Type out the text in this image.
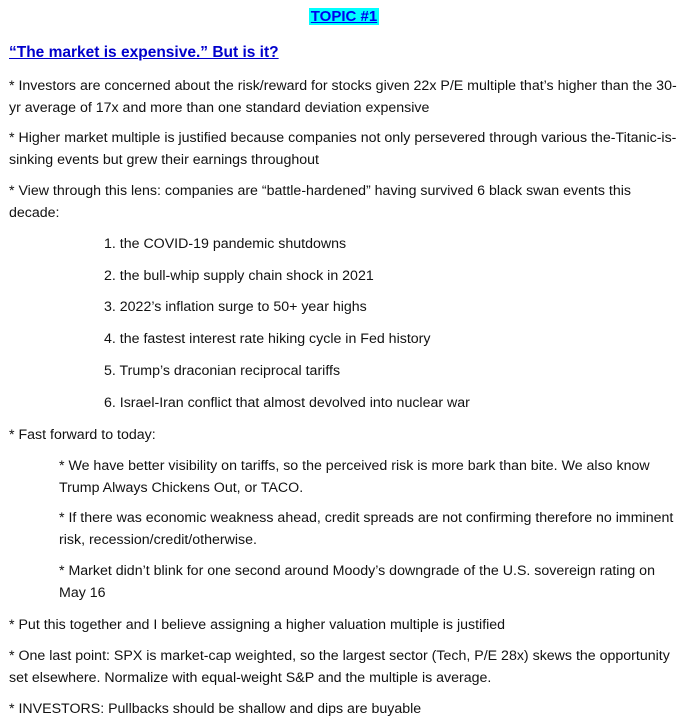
TOPIC #1
“The market is expensive.” But is it?
* Investors are concerned about the risk/reward for stocks given 22x P/E multiple that’s higher than the 30-yr average of 17x and more than one standard deviation expensive
* Higher market multiple is justified because companies not only persevered through various the-Titanic-is-sinking events but grew their earnings throughout
* View through this lens: companies are “battle-hardened” having survived 6 black swan events this decade:
1. the COVID-19 pandemic shutdowns
2. the bull-whip supply chain shock in 2021
3. 2022’s inflation surge to 50+ year highs
4. the fastest interest rate hiking cycle in Fed history
5. Trump’s draconian reciprocal tariffs
6. Israel-Iran conflict that almost devolved into nuclear war
* Fast forward to today:
* We have better visibility on tariffs, so the perceived risk is more bark than bite. We also know Trump Always Chickens Out, or TACO.
* If there was economic weakness ahead, credit spreads are not confirming therefore no imminent risk, recession/credit/otherwise.
* Market didn’t blink for one second around Moody’s downgrade of the U.S. sovereign rating on May 16
* Put this together and I believe assigning a higher valuation multiple is justified
* One last point: SPX is market-cap weighted, so the largest sector (Tech, P/E 28x) skews the opportunity set elsewhere. Normalize with equal-weight S&P and the multiple is average.
* INVESTORS: Pullbacks should be shallow and dips are buyable
